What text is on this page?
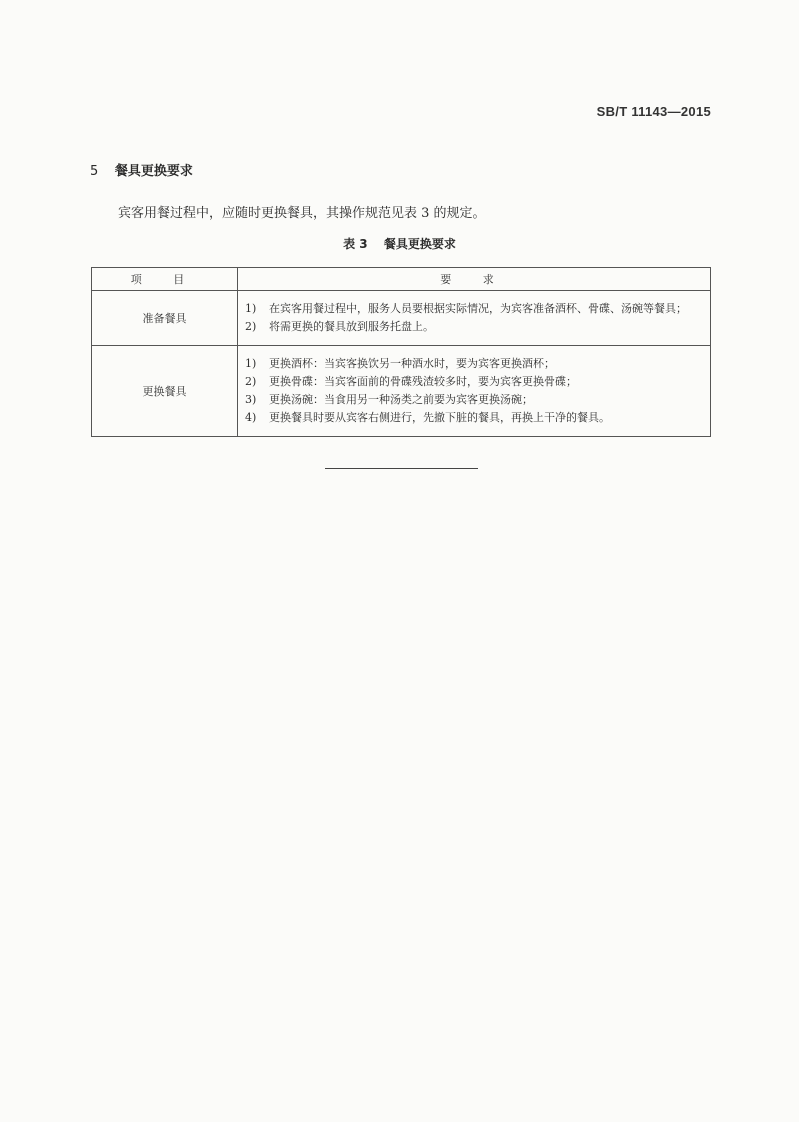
SB/T 11143—2015
5 餐具更换要求
宾客用餐过程中，应随时更换餐具，其操作规范见表 3 的规定。
表 3 餐具更换要求
项 目	要 求
准备餐具	1) 在宾客用餐过程中，服务人员要根据实际情况，为宾客准备酒杯、骨碟、汤碗等餐具；
2) 将需更换的餐具放到服务托盘上。

更换餐具	1) 更换酒杯：当宾客换饮另一种酒水时，要为宾客更换酒杯；
2) 更换骨碟：当宾客面前的骨碟残渣较多时，要为宾客更换骨碟；
3) 更换汤碗：当食用另一种汤类之前要为宾客更换汤碗；
4) 更换餐具时要从宾客右侧进行，先撤下脏的餐具，再换上干净的餐具。
